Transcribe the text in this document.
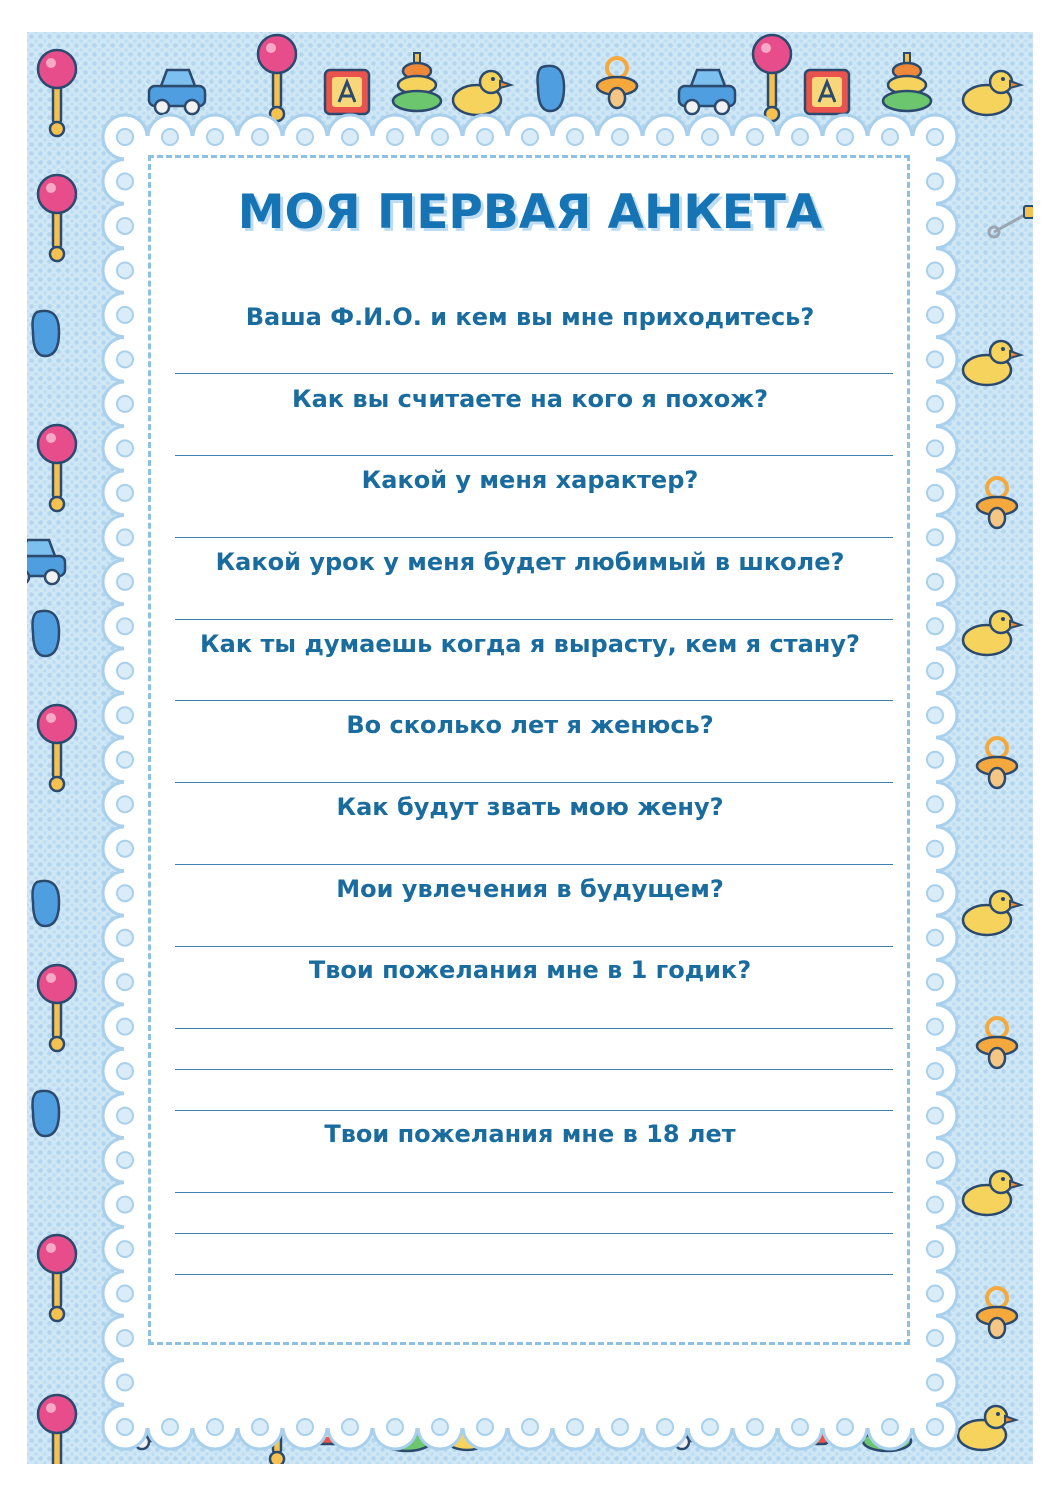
МОЯ ПЕРВАЯ АНКЕТА
Ваша Ф.И.О. и кем вы мне приходитесь?
Как вы считаете на кого я похож?
Какой у меня характер?
Какой урок у меня будет любимый в школе?
Как ты думаешь когда я вырасту, кем я стану?
Во сколько лет я женюсь?
Как будут звать мою жену?
Мои увлечения в будущем?
Твои пожелания мне в 1 годик?
Твои пожелания мне в 18 лет
